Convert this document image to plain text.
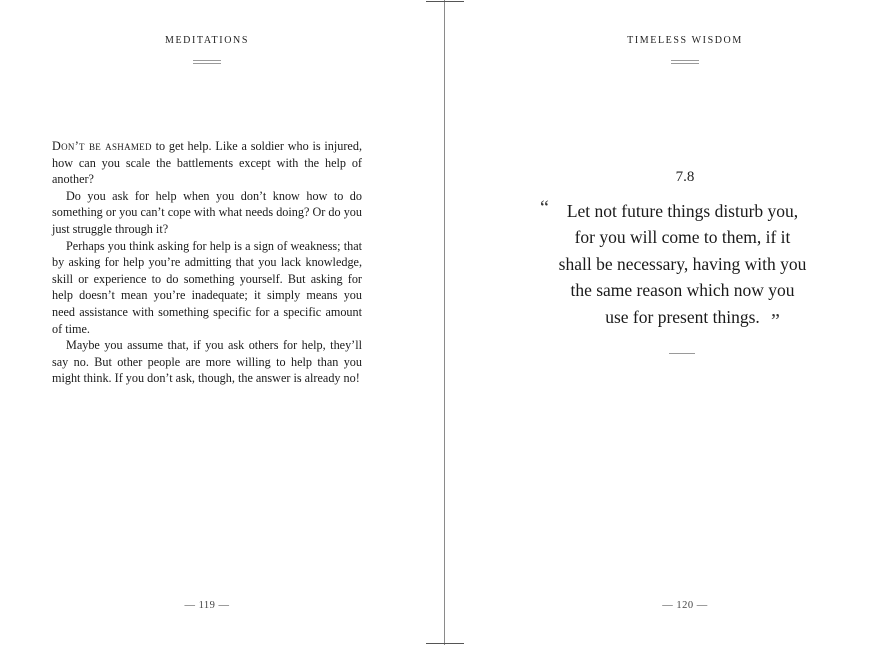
MEDITATIONS

Don’t be ashamed to get help. Like a soldier who is injured, how can you scale the battlements except with the help of another?

Do you ask for help when you don’t know how to do something or you can’t cope with what needs doing? Or do you just struggle through it?

Perhaps you think asking for help is a sign of weakness; that by asking for help you’re admitting that you lack knowledge, skill or experience to do something yourself. But asking for help doesn’t mean you’re inadequate; it simply means you need assistance with something specific for a specific amount of time.

Maybe you assume that, if you ask others for help, they’ll say no. But other people are more willing to help than you might think. If you don’t ask, though, the answer is already no!

— 119 —
TIMELESS WISDOM
7.8
“	Let not future things disturb you,
for you will come to them, if it
shall be necessary, having with you
the same reason which now you
use for present things. ”
— 120 —
